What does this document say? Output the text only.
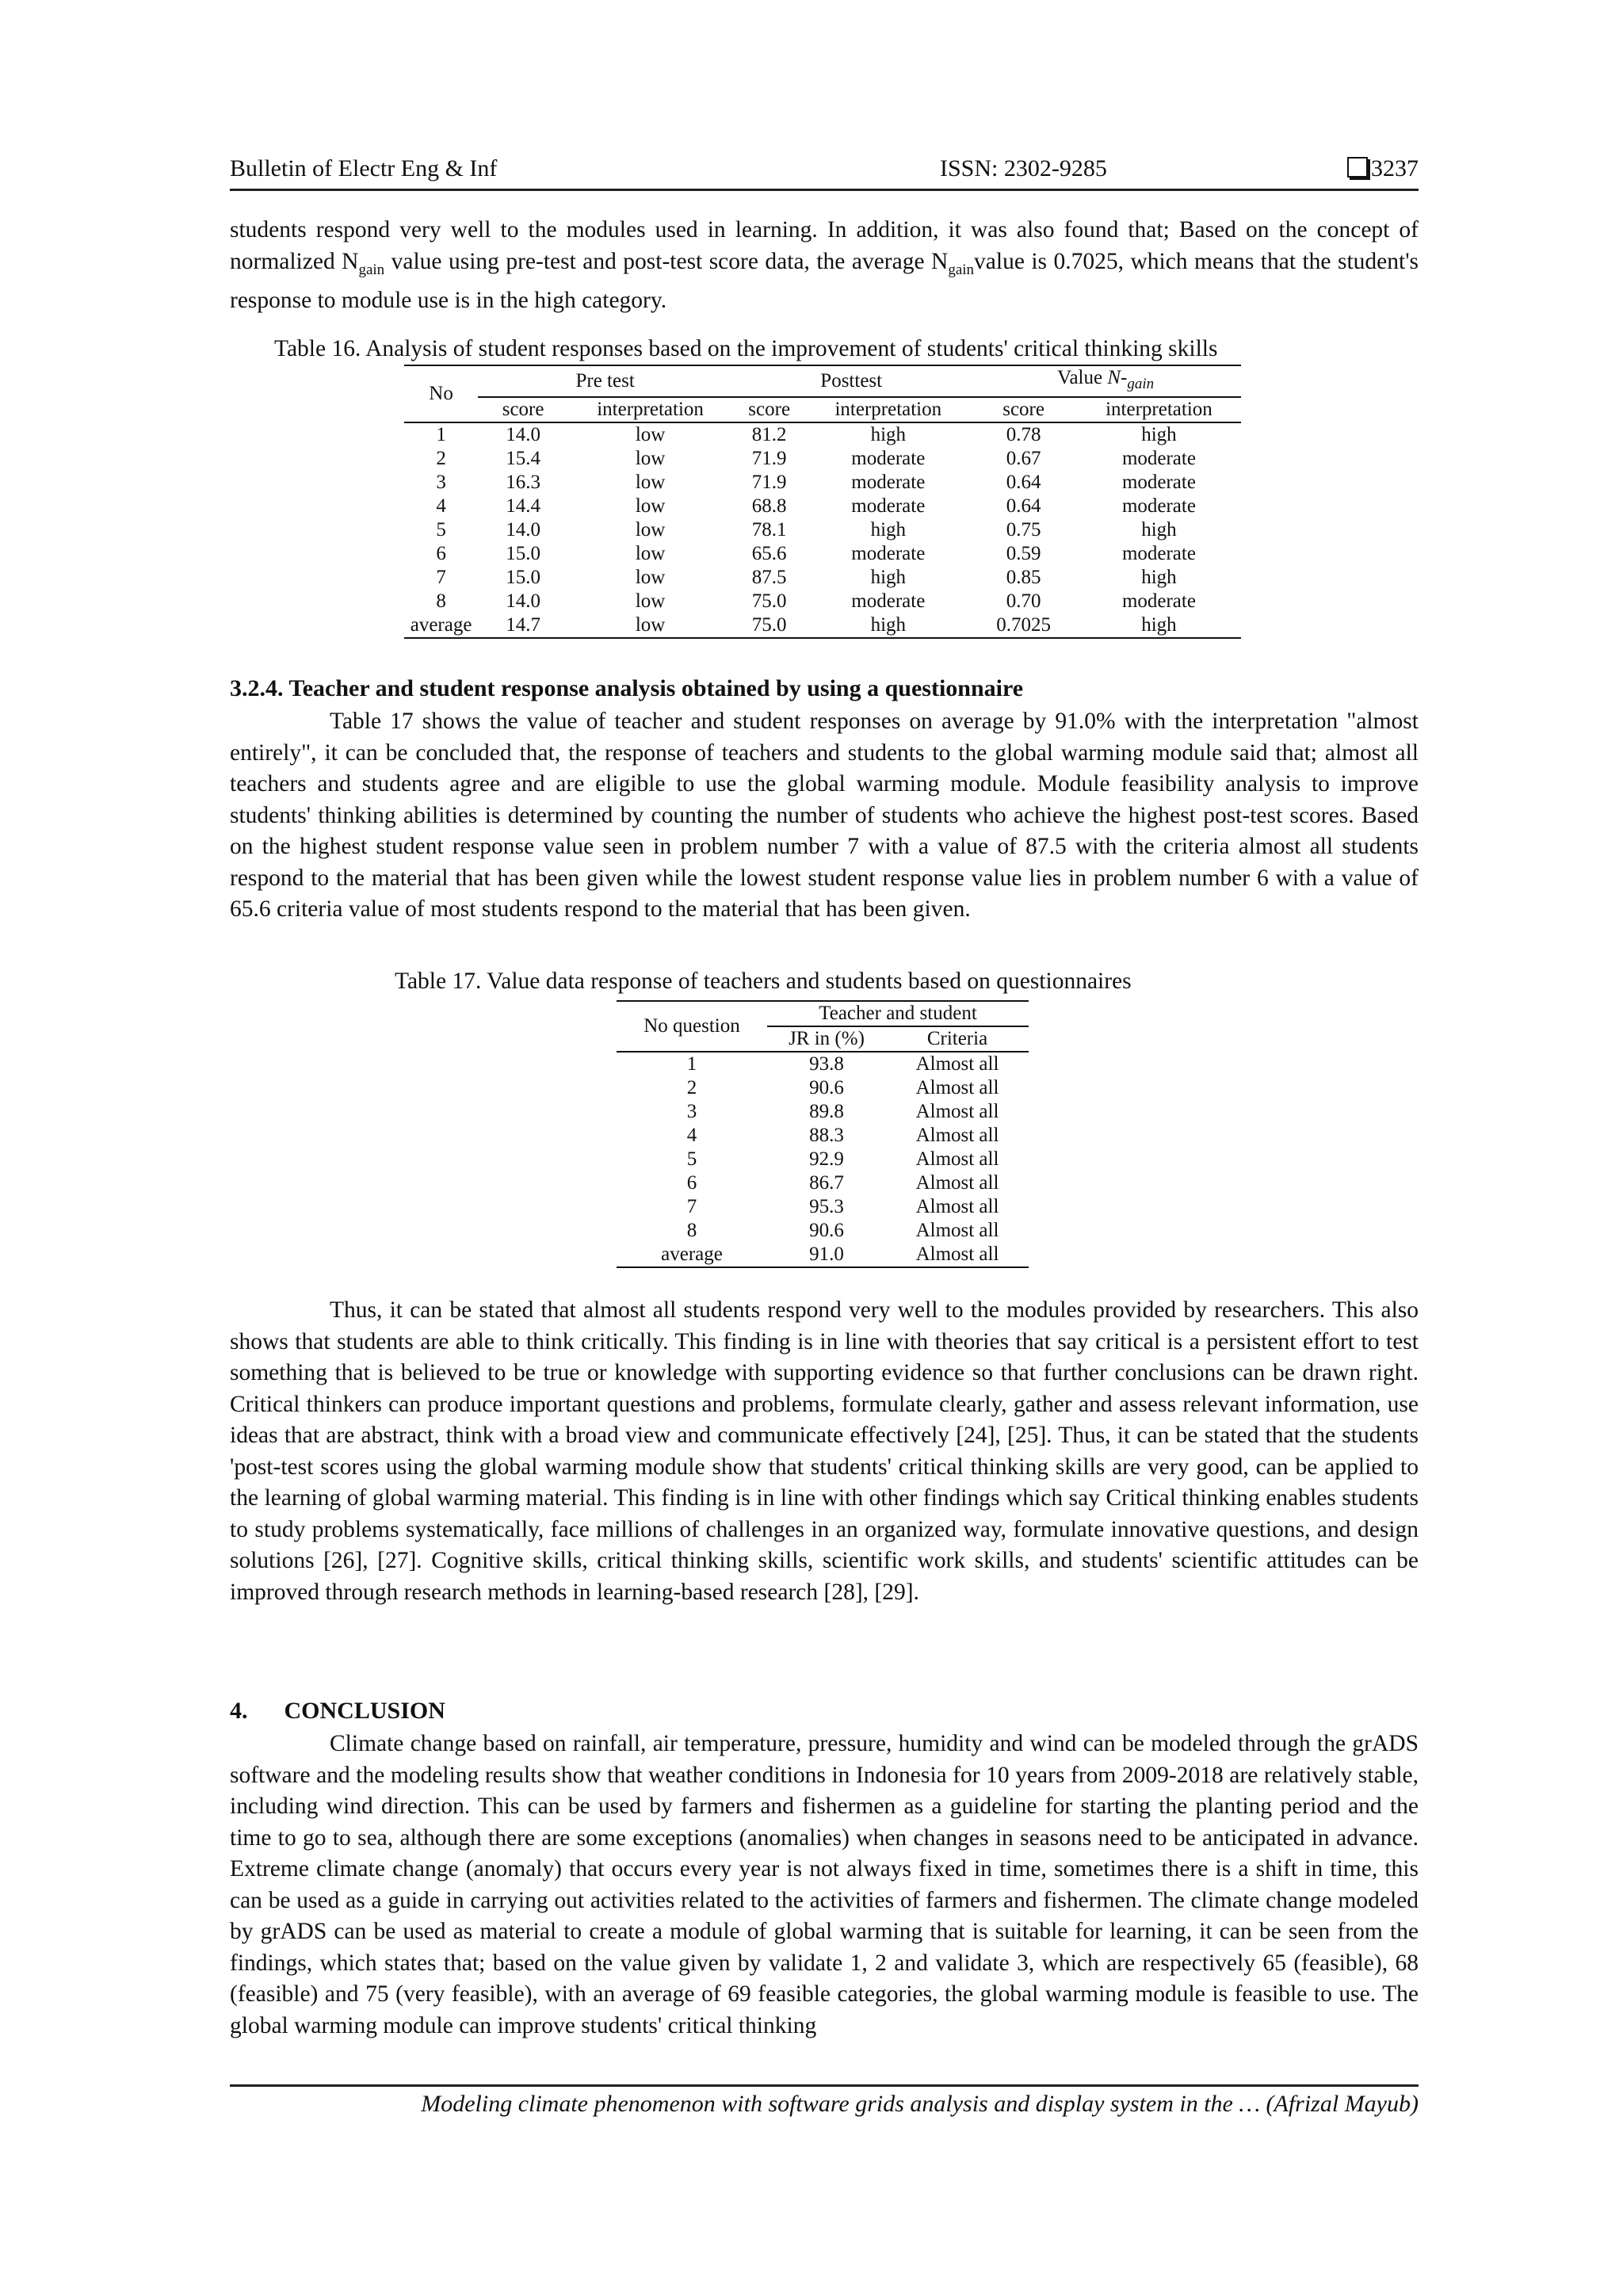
Bulletin of Electr Eng & Inf	ISSN: 2302-9285	3237

students respond very well to the modules used in learning. In addition, it was also found that; Based on the concept of normalized $N_{gain}$ value using pre-test and post-test score data, the average $N_{gain}value$ is 0.7025, which means that the student's response to module use is in the high category.

Table 16. Analysis of student responses based on the improvement of students' critical thinking skills
No	Pre test		Posttest		Value $N-_{gain}$
	score	interpretation	score	interpretation	score	interpretation
1	14.0	low	81.2	high	0.78	high
2	15.4	low	71.9	moderate	0.67	moderate
3	16.3	low	71.9	moderate	0.64	moderate
4	14.4	low	68.8	moderate	0.64	moderate
5	14.0	low	78.1	high	0.75	high
6	15.0	low	65.6	moderate	0.59	moderate
7	15.0	low	87.5	high	0.85	high
8	14.0	low	75.0	moderate	0.70	moderate
average	14.7	low	75.0	high	0.7025	high
3.2.4. Teacher and student response analysis obtained by using a questionnaire

Table 17 shows the value of teacher and student responses on average by 91.0% with the interpretation "almost entirely", it can be concluded that, the response of teachers and students to the global warming module said that; almost all teachers and students agree and are eligible to use the global warming module. Module feasibility analysis to improve students' thinking abilities is determined by counting the number of students who achieve the highest post-test scores. Based on the highest student response value seen in problem number 7 with a value of 87.5 with the criteria almost all students respond to the material that has been given while the lowest student response value lies in problem number 6 with a value of 65.6 criteria value of most students respond to the material that has been given.

Table 17. Value data response of teachers and students based on questionnaires
No question	Teacher and student	
	JR in (%)	Criteria
1	93.8	Almost all
2	90.6	Almost all
3	89.8	Almost all
4	88.3	Almost all
5	92.9	Almost all
6	86.7	Almost all
7	95.3	Almost all
8	90.6	Almost all
average	91.0	Almost all

Thus, it can be stated that almost all students respond very well to the modules provided by researchers. This also shows that students are able to think critically. This finding is in line with theories that say critical is a persistent effort to test something that is believed to be true or knowledge with supporting evidence so that further conclusions can be drawn right. Critical thinkers can produce important questions and problems, formulate clearly, gather and assess relevant information, use ideas that are abstract, think with a broad view and communicate effectively [24], [25]. Thus, it can be stated that the students 'post-test scores using the global warming module show that students' critical thinking skills are very good, can be applied to the learning of global warming material. This finding is in line with other findings which say Critical thinking enables students to study problems systematically, face millions of challenges in an organized way, formulate innovative questions, and design solutions [26], [27]. Cognitive skills, critical thinking skills, scientific work skills, and students' scientific attitudes can be improved through research methods in learning-based research [28], [29].

4. CONCLUSION

Climate change based on rainfall, air temperature, pressure, humidity and wind can be modeled through the grADS software and the modeling results show that weather conditions in Indonesia for 10 years from 2009-2018 are relatively stable, including wind direction. This can be used by farmers and fishermen as a guideline for starting the planting period and the time to go to sea, although there are some exceptions (anomalies) when changes in seasons need to be anticipated in advance. Extreme climate change (anomaly) that occurs every year is not always fixed in time, sometimes there is a shift in time, this can be used as a guide in carrying out activities related to the activities of farmers and fishermen. The climate change modeled by grADS can be used as material to create a module of global warming that is suitable for learning, it can be seen from the findings, which states that; based on the value given by validate 1, 2 and validate 3, which are respectively 65 (feasible), 68 (feasible) and 75 (very feasible), with an average of 69 feasible categories, the global warming module is feasible to use. The global warming module can improve students' critical thinking

Modeling climate phenomenon with software grids analysis and display system in the … (Afrizal Mayub)
